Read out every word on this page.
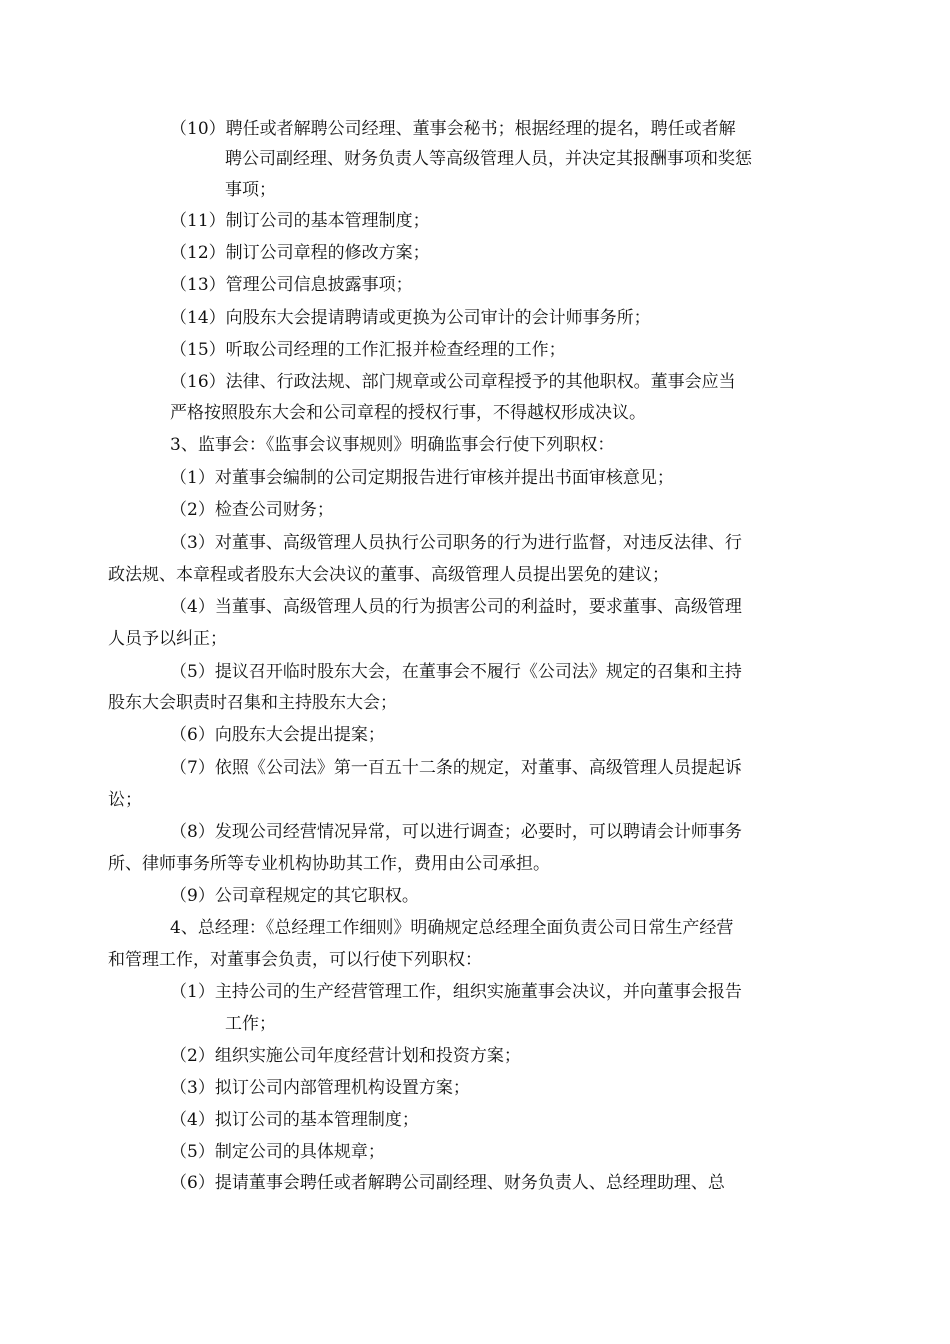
（10）聘任或者解聘公司经理、董事会秘书；根据经理的提名，聘任或者解
聘公司副经理、财务负责人等高级管理人员，并决定其报酬事项和奖惩
事项；
（11）制订公司的基本管理制度；
（12）制订公司章程的修改方案；
（13）管理公司信息披露事项；
（14）向股东大会提请聘请或更换为公司审计的会计师事务所；
（15）听取公司经理的工作汇报并检查经理的工作；
（16）法律、行政法规、部门规章或公司章程授予的其他职权。董事会应当
严格按照股东大会和公司章程的授权行事，不得越权形成决议。
3、监事会：《监事会议事规则》明确监事会行使下列职权：
（1）对董事会编制的公司定期报告进行审核并提出书面审核意见；
（2）检查公司财务；
（3）对董事、高级管理人员执行公司职务的行为进行监督，对违反法律、行
政法规、本章程或者股东大会决议的董事、高级管理人员提出罢免的建议；
（4）当董事、高级管理人员的行为损害公司的利益时，要求董事、高级管理
人员予以纠正；
（5）提议召开临时股东大会，在董事会不履行《公司法》规定的召集和主持
股东大会职责时召集和主持股东大会；
（6）向股东大会提出提案；
（7）依照《公司法》第一百五十二条的规定，对董事、高级管理人员提起诉
讼；
（8）发现公司经营情况异常，可以进行调查；必要时，可以聘请会计师事务
所、律师事务所等专业机构协助其工作，费用由公司承担。
（9）公司章程规定的其它职权。
4、总经理：《总经理工作细则》明确规定总经理全面负责公司日常生产经营
和管理工作，对董事会负责，可以行使下列职权：
（1）主持公司的生产经营管理工作，组织实施董事会决议，并向董事会报告
工作；
（2）组织实施公司年度经营计划和投资方案；
（3）拟订公司内部管理机构设置方案；
（4）拟订公司的基本管理制度；
（5）制定公司的具体规章；
（6）提请董事会聘任或者解聘公司副经理、财务负责人、总经理助理、总
